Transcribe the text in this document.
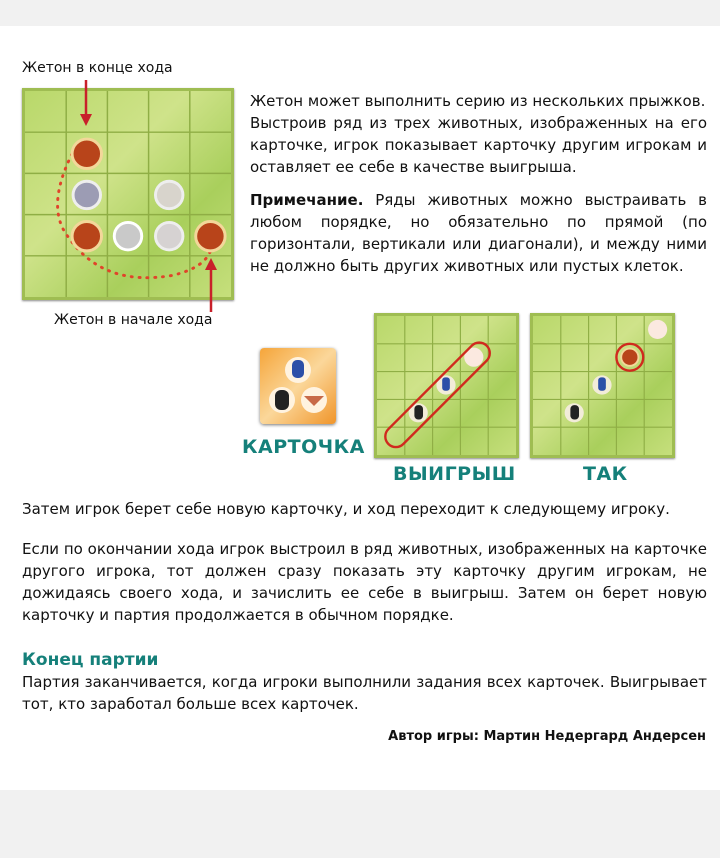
Жетон в конце хода
Жетон в начале хода

Жетон может выполнить серию из нескольких прыжков.

Выстроив ряд из трех животных, изображенных на его карточке, игрок показывает карточку другим игрокам и оставляет ее себе в качестве выигрыша.

Примечание. Ряды животных можно выстраивать в любом порядке, но обязательно по прямой (по горизонтали, вертикали или диагонали), и между ними не должно быть других животных или пустых клеток.

КАРТОЧКА
ВЫИГРЫШ	ТАК

Затем игрок берет себе новую карточку, и ход переходит к следующему игроку.

Если по окончании хода игрок выстроил в ряд животных, изображенных на карточке другого игрока, тот должен сразу показать эту карточку другим игрокам, не дожидаясь своего хода, и зачислить ее себе в выигрыш. Затем он берет новую карточку и партия продолжается в обычном порядке.

Конец партии
Партия заканчивается, когда игроки выполнили задания всех карточек. Выигрывает тот, кто заработал больше всех карточек.
Автор игры: Мартин Недергард Андерсен
